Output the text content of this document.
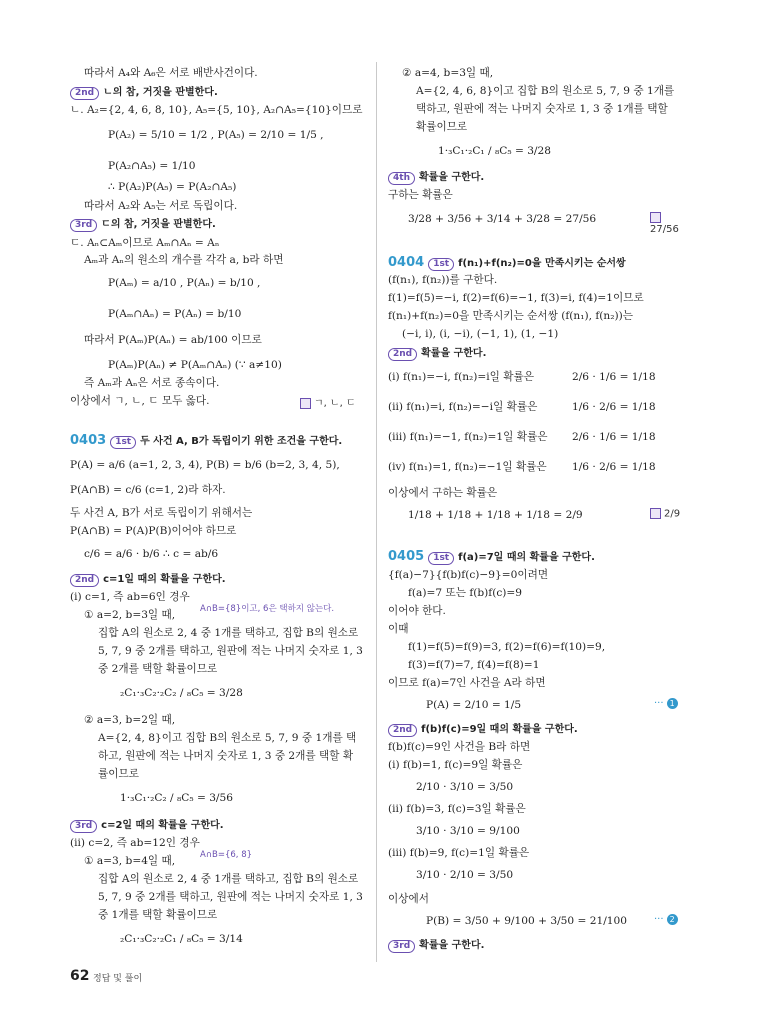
따라서 A₄와 A₆은 서로 배반사건이다.
2nd ㄴ의 참, 거짓을 판별한다.
ㄴ. A₂={2, 4, 6, 8, 10}, A₅={5, 10}, A₂∩A₅={10}이므로
P(A₂) = 5/10 = 1/2 , P(A₅) = 2/10 = 1/5 ,
P(A₂∩A₅) = 1/10
∴ P(A₂)P(A₅) = P(A₂∩A₅)
따라서 A₂와 A₅는 서로 독립이다.
3rd ㄷ의 참, 거짓을 판별한다.
ㄷ. Aₙ⊂Aₘ이므로 Aₘ∩Aₙ = Aₙ
Aₘ과 Aₙ의 원소의 개수를 각각 a, b라 하면
P(Aₘ) = a/10 , P(Aₙ) = b/10 ,
P(Aₘ∩Aₙ) = P(Aₙ) = b/10
따라서 P(Aₘ)P(Aₙ) = ab/100 이므로
P(Aₘ)P(Aₙ) ≠ P(Aₘ∩Aₙ) (∵ a≠10)
즉 Aₘ과 Aₙ은 서로 종속이다.
이상에서 ㄱ, ㄴ, ㄷ 모두 옳다.	ㄱ, ㄴ, ㄷ
0403 1st 두 사건 A, B가 독립이기 위한 조건을 구한다.
P(A) = a/6 (a=1, 2, 3, 4), P(B) = b/6 (b=2, 3, 4, 5),
P(A∩B) = c/6 (c=1, 2)라 하자.
두 사건 A, B가 서로 독립이기 위해서는
P(A∩B) = P(A)P(B)이어야 하므로
c/6 = a/6 · b/6 ∴ c = ab/6
2nd c=1일 때의 확률을 구한다.
(i) c=1, 즉 ab=6인 경우
A∩B={8}이고, 6은 택하지 않는다.
① a=2, b=3일 때,
집합 A의 원소로 2, 4 중 1개를 택하고, 집합 B의 원소로
5, 7, 9 중 2개를 택하고, 원판에 적는 나머지 숫자로 1, 3
중 2개를 택할 확률이므로
₂C₁·₃C₂·₂C₂ / ₈C₅ = 3/28
② a=3, b=2일 때,
A={2, 4, 8}이고 집합 B의 원소로 5, 7, 9 중 1개를 택
하고, 원판에 적는 나머지 숫자로 1, 3 중 2개를 택할 확
률이므로
1·₃C₁·₂C₂ / ₈C₅ = 3/56
3rd c=2일 때의 확률을 구한다.
(ii) c=2, 즉 ab=12인 경우
A∩B={6, 8}
① a=3, b=4일 때,
집합 A의 원소로 2, 4 중 1개를 택하고, 집합 B의 원소로
5, 7, 9 중 2개를 택하고, 원판에 적는 나머지 숫자로 1, 3
중 1개를 택할 확률이므로
₂C₁·₃C₂·₂C₁ / ₈C₅ = 3/14
② a=4, b=3일 때,
A={2, 4, 6, 8}이고 집합 B의 원소로 5, 7, 9 중 1개를
택하고, 원판에 적는 나머지 숫자로 1, 3 중 1개를 택할
확률이므로
1·₃C₁·₂C₁ / ₈C₅ = 3/28
4th 확률을 구한다.
구하는 확률은
3/28 + 3/56 + 3/14 + 3/28 = 27/56
27/56
0404 1st f(n₁)+f(n₂)=0을 만족시키는 순서쌍
(f(n₁), f(n₂))를 구한다.
f(1)=f(5)=−i, f(2)=f(6)=−1, f(3)=i, f(4)=1이므로
f(n₁)+f(n₂)=0을 만족시키는 순서쌍 (f(n₁), f(n₂))는
(−i, i), (i, −i), (−1, 1), (1, −1)
2nd 확률을 구한다.
(i) f(n₁)=−i, f(n₂)=i일 확률은	2/6 · 1/6 = 1/18
(ii) f(n₁)=i, f(n₂)=−i일 확률은	1/6 · 2/6 = 1/18
(iii) f(n₁)=−1, f(n₂)=1일 확률은 2/6 · 1/6 = 1/18
(iv) f(n₁)=1, f(n₂)=−1일 확률은 1/6 · 2/6 = 1/18
이상에서 구하는 확률은
1/18 + 1/18 + 1/18 + 1/18 = 2/9	2/9
0405 1st f(a)=7일 때의 확률을 구한다.
{f(a)−7}{f(b)f(c)−9}=0이려면
f(a)=7 또는 f(b)f(c)=9
이어야 한다.
이때
f(1)=f(5)=f(9)=3, f(2)=f(6)=f(10)=9,
f(3)=f(7)=7, f(4)=f(8)=1
이므로 f(a)=7인 사건을 A라 하면
P(A) = 2/10 = 1/5	··· 1
2nd f(b)f(c)=9일 때의 확률을 구한다.
f(b)f(c)=9인 사건을 B라 하면
(i) f(b)=1, f(c)=9일 확률은
2/10 · 3/10 = 3/50
(ii) f(b)=3, f(c)=3일 확률은
3/10 · 3/10 = 9/100
(iii) f(b)=9, f(c)=1일 확률은
3/10 · 2/10 = 3/50
이상에서
P(B) = 3/50 + 9/100 + 3/50 = 21/100	··· 2
3rd 확률을 구한다.
62 정답 및 풀이
